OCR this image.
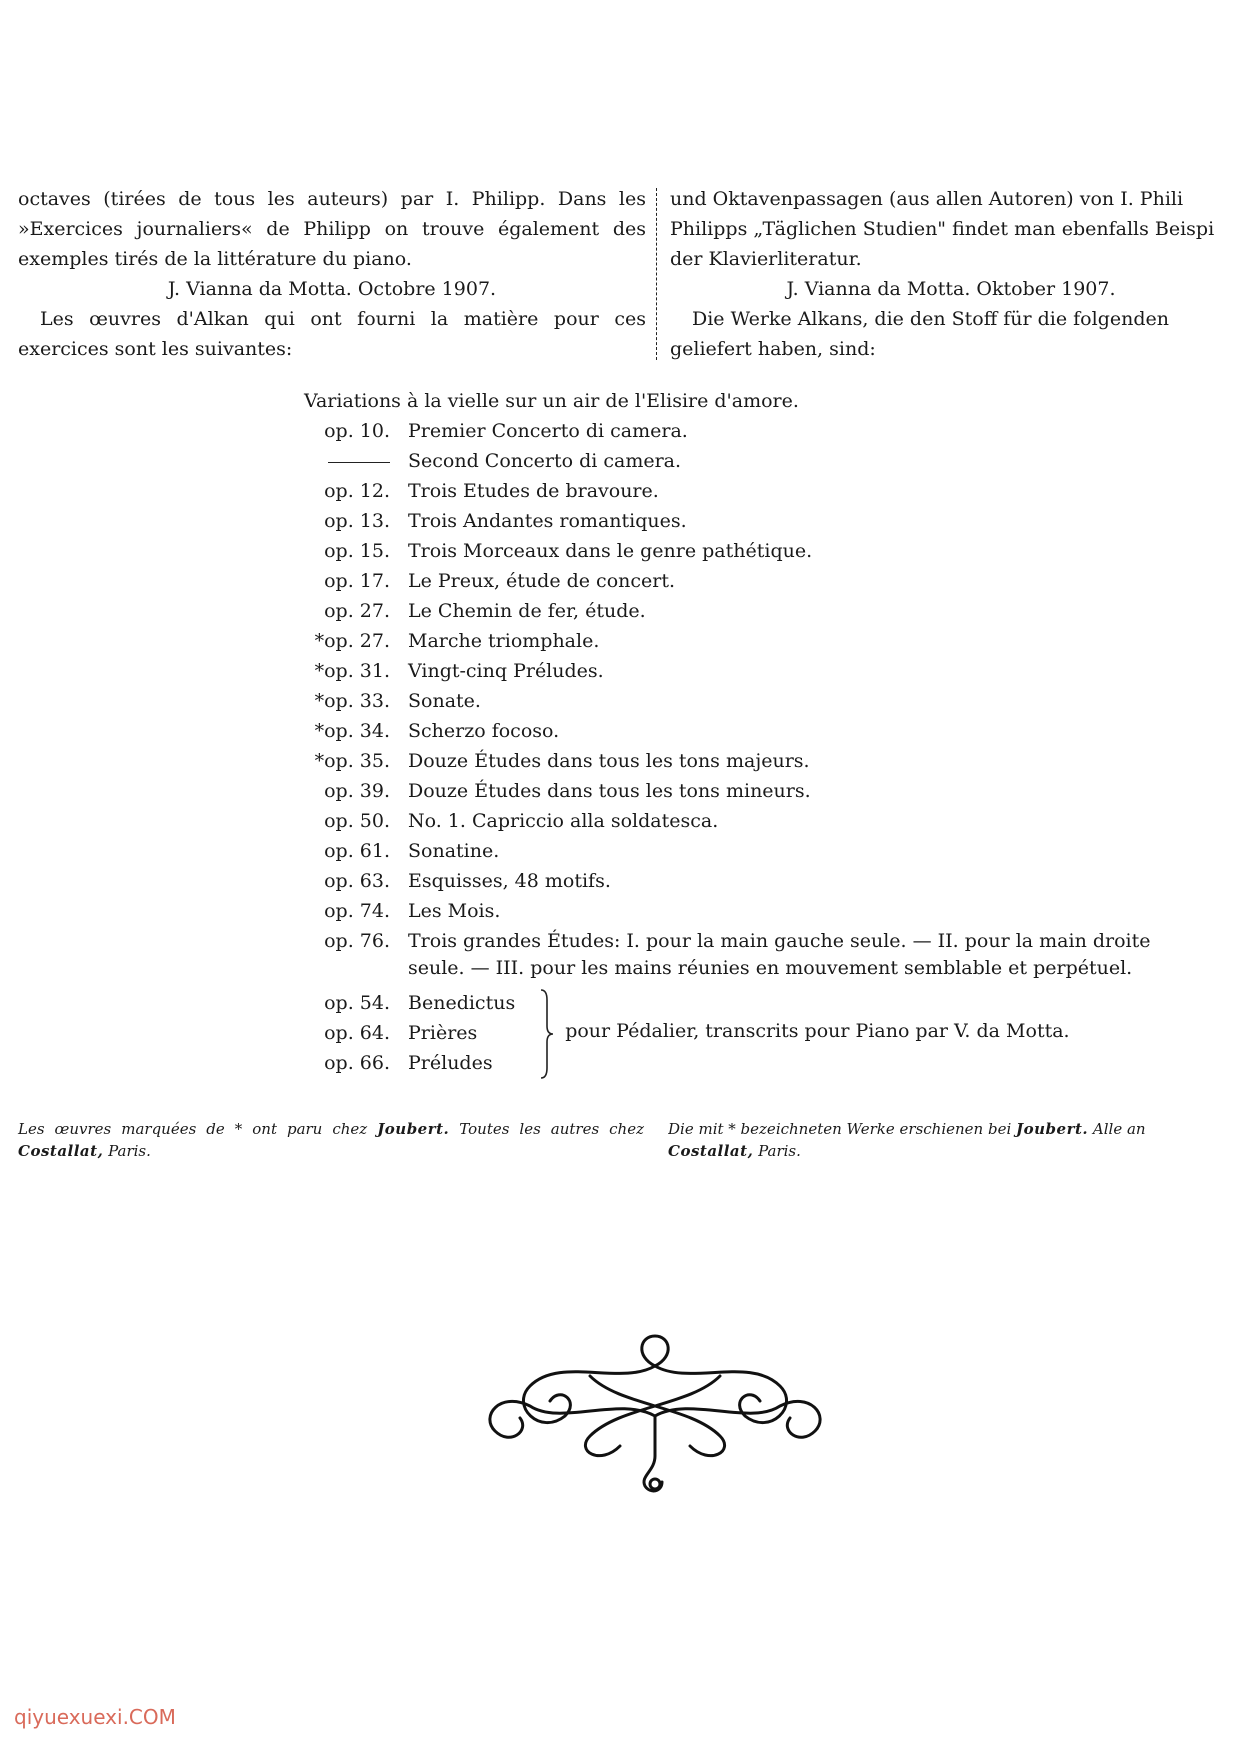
octaves (tirées de tous les auteurs) par I. Philipp. Dans les »Exercices journaliers« de Philipp on trouve également des exemples tirés de la littérature du piano.

J. Vianna da Motta. Octobre 1907.

Les œuvres d'Alkan qui ont fourni la matière pour ces exercices sont les suivantes:

und Oktavenpassagen (aus allen Autoren) von I. Phili

Philipps „Täglichen Studien" findet man ebenfalls Beispi

der Klavierliteratur.

J. Vianna da Motta. Oktober 1907.

Die Werke Alkans, die den Stoff für die folgenden

geliefert haben, sind:

Variations à la vielle sur un air de l'Elisire d'amore.
op. 10. Premier Concerto di camera.
Second Concerto di camera.
op. 12. Trois Etudes de bravoure.
op. 13. Trois Andantes romantiques.
op. 15. Trois Morceaux dans le genre pathétique.
op. 17. Le Preux, étude de concert.
op. 27. Le Chemin de fer, étude.
*op. 27. Marche triomphale.
*op. 31. Vingt-cinq Préludes.
*op. 33. Sonate.
*op. 34. Scherzo focoso.
*op. 35. Douze Études dans tous les tons majeurs.
op. 39. Douze Études dans tous les tons mineurs.
op. 50. No. 1. Capriccio alla soldatesca.
op. 61. Sonatine.
op. 63. Esquisses, 48 motifs.
op. 74. Les Mois.
op. 76. Trois grandes Études: I. pour la main gauche seule. — II. pour la main droite seule. — III. pour les mains réunies en mouvement semblable et perpétuel.
op. 54. Benedictus
op. 64. Prières
op. 66. Préludes
pour Pédalier, transcrits pour Piano par V. da Motta.
Les œuvres marquées de * ont paru chez Joubert. Toutes les autres chez Costallat, Paris.
Die mit * bezeichneten Werke erschienen bei Joubert. Alle an
Costallat, Paris.
qiyuexuexi.COM
